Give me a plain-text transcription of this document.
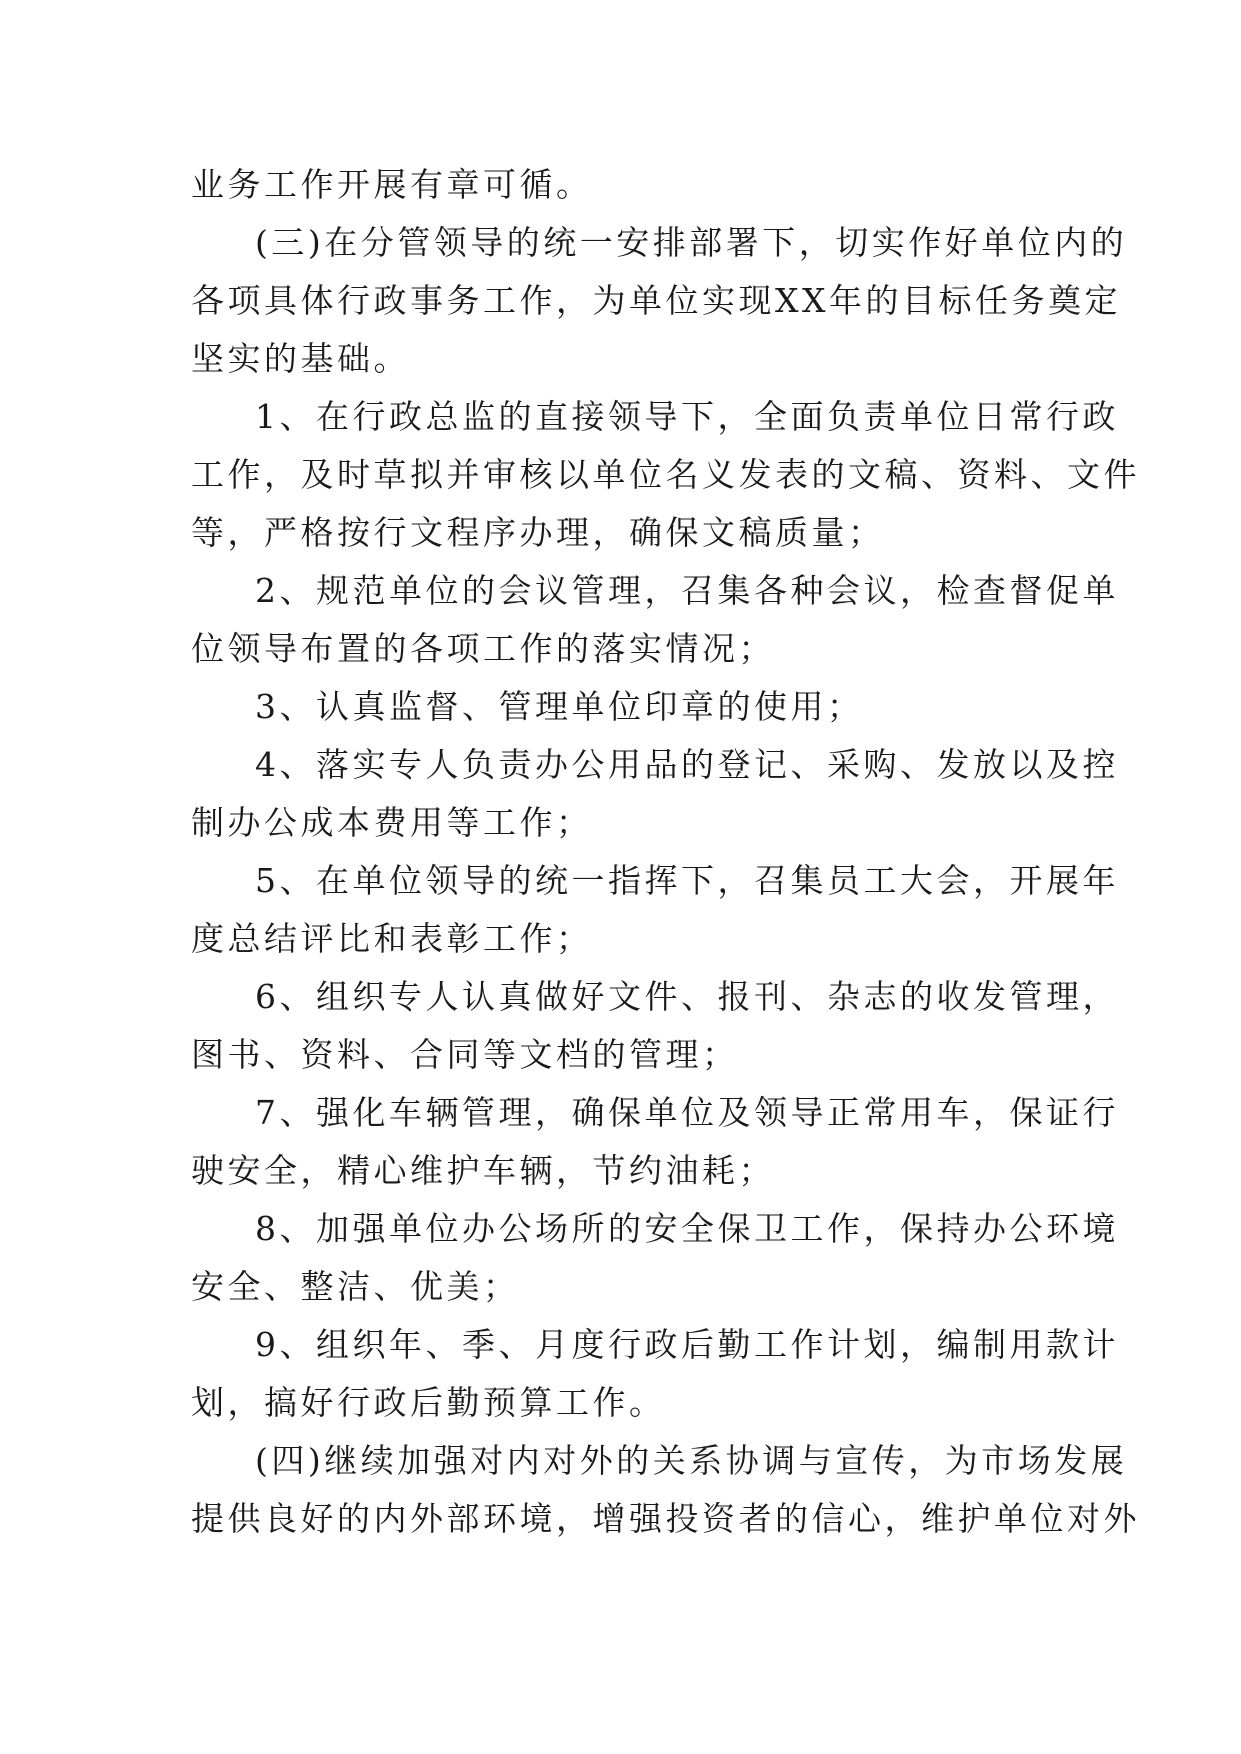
业务工作开展有章可循。
(三)在分管领导的统一安排部署下，切实作好单位内的
各项具体行政事务工作，为单位实现XX年的目标任务奠定
坚实的基础。
1、在行政总监的直接领导下，全面负责单位日常行政
工作，及时草拟并审核以单位名义发表的文稿、资料、文件
等，严格按行文程序办理，确保文稿质量；
2、规范单位的会议管理，召集各种会议，检查督促单
位领导布置的各项工作的落实情况；
3、认真监督、管理单位印章的使用；
4、落实专人负责办公用品的登记、采购、发放以及控
制办公成本费用等工作；
5、在单位领导的统一指挥下，召集员工大会，开展年
度总结评比和表彰工作；
6、组织专人认真做好文件、报刊、杂志的收发管理，
图书、资料、合同等文档的管理；
7、强化车辆管理，确保单位及领导正常用车，保证行
驶安全，精心维护车辆，节约油耗；
8、加强单位办公场所的安全保卫工作，保持办公环境
安全、整洁、优美；
9、组织年、季、月度行政后勤工作计划，编制用款计
划，搞好行政后勤预算工作。
(四)继续加强对内对外的关系协调与宣传，为市场发展
提供良好的内外部环境，增强投资者的信心，维护单位对外
